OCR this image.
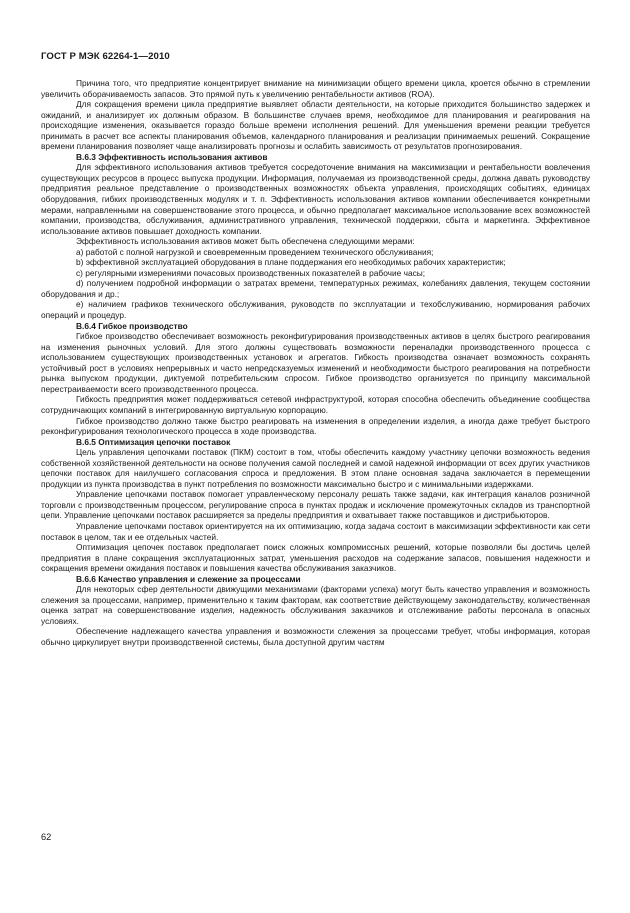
ГОСТ Р МЭК 62264-1—2010

Причина того, что предприятие концентрирует внимание на минимизации общего времени цикла, кроется обычно в стремлении увеличить оборачиваемость запасов. Это прямой путь к увеличению рентабельности активов (ROA).

Для сокращения времени цикла предприятие выявляет области деятельности, на которые приходится большинство задержек и ожиданий, и анализирует их должным образом. В большинстве случаев время, необходимое для планирования и реагирования на происходящие изменения, оказывается гораздо больше времени исполнения решений. Для уменьшения времени реакции требуется принимать в расчет все аспекты планирования объемов, календарного планирования и реализации принимаемых решений. Сокращение времени планирования позволяет чаще анализировать прогнозы и ослабить зависимость от результатов прогнозирования.

В.6.3 Эффективность использования активов

Для эффективного использования активов требуется сосредоточение внимания на максимизации и рентабельности вовлечения существующих ресурсов в процесс выпуска продукции. Информация, получаемая из производственной среды, должна давать руководству предприятия реальное представление о производственных возможностях объекта управления, происходящих событиях, единицах оборудования, гибких производственных модулях и т. п. Эффективность использования активов компании обеспечивается конкретными мерами, направленными на совершенствование этого процесса, и обычно предполагает максимальное использование всех возможностей компании, производства, обслуживания, административного управления, технической поддержки, сбыта и маркетинга. Эффективное использование активов повышает доходность компании.

Эффективность использования активов может быть обеспечена следующими мерами:

a) работой с полной нагрузкой и своевременным проведением технического обслуживания;

b) эффективной эксплуатацией оборудования в плане поддержания его необходимых рабочих характеристик;

c) регулярными измерениями почасовых производственных показателей в рабочие часы;

d) получением подробной информации о затратах времени, температурных режимах, колебаниях давления, текущем состоянии оборудования и др.;

e) наличием графиков технического обслуживания, руководств по эксплуатации и техобслуживанию, нормирования рабочих операций и процедур.

В.6.4 Гибкое производство

Гибкое производство обеспечивает возможность реконфигурирования производственных активов в целях быстрого реагирования на изменения рыночных условий. Для этого должны существовать возможности переналадки производственного процесса с использованием существующих производственных установок и агрегатов. Гибкость производства означает возможность сохранять устойчивый рост в условиях непрерывных и часто непредсказуемых изменений и необходимости быстрого реагирования на потребности рынка выпуском продукции, диктуемой потребительским спросом. Гибкое производство организуется по принципу максимальной перестраиваемости всего производственного процесса.

Гибкость предприятия может поддерживаться сетевой инфраструктурой, которая способна обеспечить объединение сообщества сотрудничающих компаний в интегрированную виртуальную корпорацию.

Гибкое производство должно также быстро реагировать на изменения в определении изделия, а иногда даже требует быстрого реконфигурирования технологического процесса в ходе производства.

В.6.5 Оптимизация цепочки поставок

Цель управления цепочками поставок (ПКМ) состоит в том, чтобы обеспечить каждому участнику цепочки возможность ведения собственной хозяйственной деятельности на основе получения самой последней и самой надежной информации от всех других участников цепочки поставок для наилучшего согласования спроса и предложения. В этом плане основная задача заключается в перемещении продукции из пункта производства в пункт потребления по возможности максимально быстро и с минимальными издержками.

Управление цепочками поставок помогает управленческому персоналу решать также задачи, как интеграция каналов розничной торговли с производственным процессом, регулирование спроса в пунктах продаж и исключение промежуточных складов из транспортной цепи. Управление цепочками поставок расширяется за пределы предприятия и охватывает также поставщиков и дистрибьюторов.

Управление цепочками поставок ориентируется на их оптимизацию, когда задача состоит в максимизации эффективности как сети поставок в целом, так и ее отдельных частей.

Оптимизация цепочек поставок предполагает поиск сложных компромиссных решений, которые позволяли бы достичь целей предприятия в плане сокращения эксплуатационных затрат, уменьшения расходов на содержание запасов, повышения надежности и сокращения времени ожидания поставок и повышения качества обслуживания заказчиков.

В.6.6 Качество управления и слежение за процессами

Для некоторых сфер деятельности движущими механизмами (факторами успеха) могут быть качество управления и возможность слежения за процессами, например, применительно к таким факторам, как соответствие действующему законодательству, количественная оценка затрат на совершенствование изделия, надежность обслуживания заказчиков и отслеживание работы персонала в опасных условиях.

Обеспечение надлежащего качества управления и возможности слежения за процессами требует, чтобы информация, которая обычно циркулирует внутри производственной системы, была доступной другим частям

62
